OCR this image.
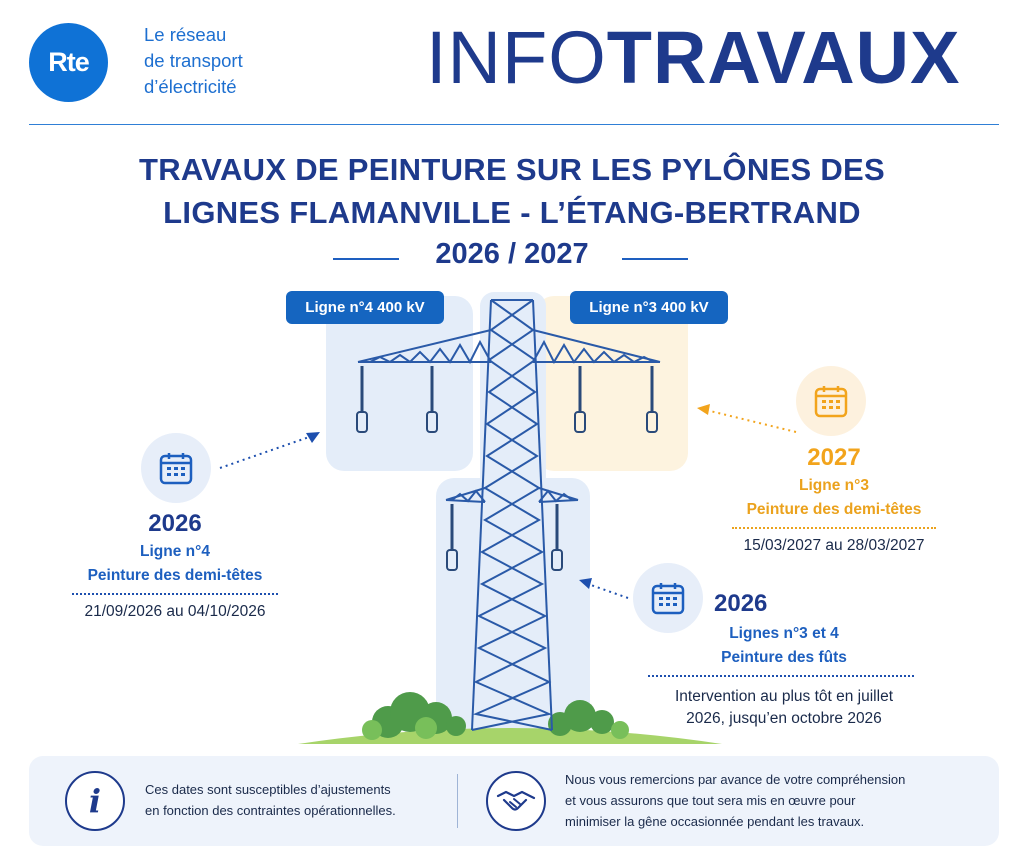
Rte
Le réseau
de transport
d’électricité	INFOTRAVAUX
TRAVAUX DE PEINTURE SUR LES PYLÔNES DES
LIGNES FLAMANVILLE - L’ÉTANG-BERTRAND
2026 / 2027
Ligne n°4 400 kV	Ligne n°3 400 kV
2026
Ligne n°4
Peinture des demi-têtes
21/09/2026 au 04/10/2026
2027
Ligne n°3
Peinture des demi-têtes
15/03/2027 au 28/03/2027
2026
Lignes n°3 et 4
Peinture des fûts
Intervention au plus tôt en juillet
2026, jusqu’en octobre 2026
i	Ces dates sont susceptibles d’ajustements
en fonction des contraintes opérationnelles.
Nous vous remercions par avance de votre compréhension
et vous assurons que tout sera mis en œuvre pour
minimiser la gêne occasionnée pendant les travaux.
